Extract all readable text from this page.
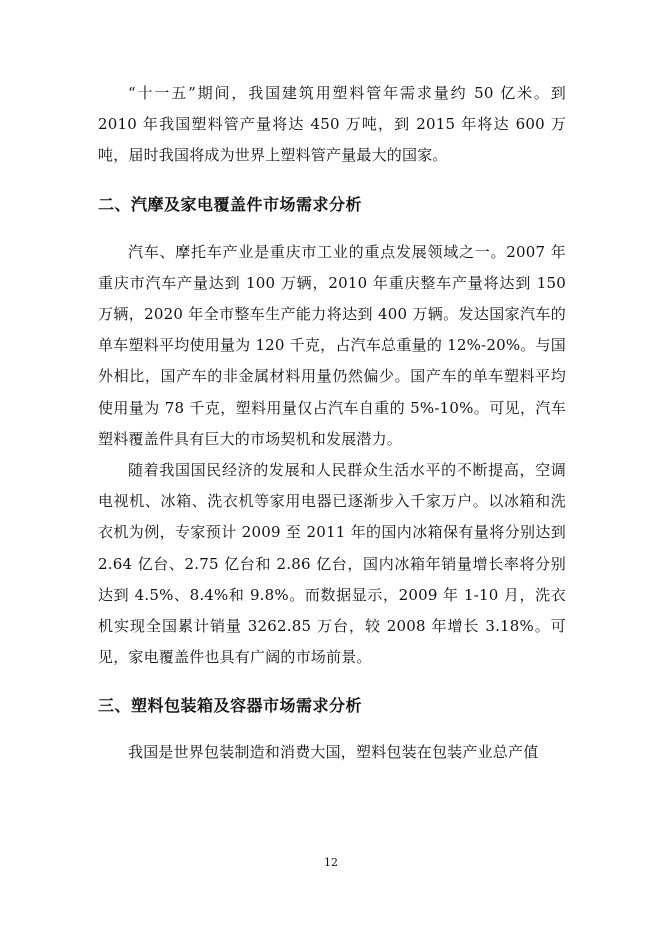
“十一五”期间，我国建筑用塑料管年需求量约 50 亿米。到 2010 年我国塑料管产量将达 450 万吨，到 2015 年将达 600 万吨，届时我国将成为世界上塑料管产量最大的国家。

二、汽摩及家电覆盖件市场需求分析

汽车、摩托车产业是重庆市工业的重点发展领域之一。2007 年重庆市汽车产量达到 100 万辆，2010 年重庆整车产量将达到 150 万辆，2020 年全市整车生产能力将达到 400 万辆。发达国家汽车的单车塑料平均使用量为 120 千克，占汽车总重量的 12%-20%。与国外相比，国产车的非金属材料用量仍然偏少。国产车的单车塑料平均使用量为 78 千克，塑料用量仅占汽车自重的 5%-10%。可见，汽车塑料覆盖件具有巨大的市场契机和发展潜力。

随着我国国民经济的发展和人民群众生活水平的不断提高，空调电视机、冰箱、洗衣机等家用电器已逐渐步入千家万户。以冰箱和洗衣机为例，专家预计 2009 至 2011 年的国内冰箱保有量将分别达到 2.64 亿台、2.75 亿台和 2.86 亿台，国内冰箱年销量增长率将分别达到 4.5%、8.4%和 9.8%。而数据显示，2009 年 1-10 月，洗衣机实现全国累计销量 3262.85 万台，较 2008 年增长 3.18%。可见，家电覆盖件也具有广阔的市场前景。

三、塑料包装箱及容器市场需求分析

我国是世界包装制造和消费大国，塑料包装在包装产业总产值

12
